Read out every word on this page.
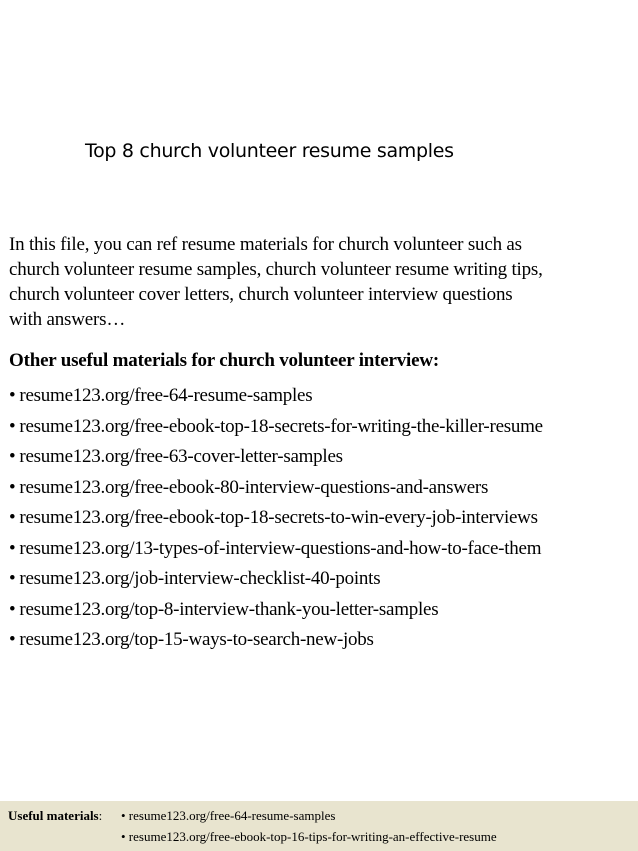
Top 8 church volunteer resume samples
In this file, you can ref resume materials for church volunteer such as
church volunteer resume samples, church volunteer resume writing tips,
church volunteer cover letters, church volunteer interview questions
with answers…
Other useful materials for church volunteer interview:
• resume123.org/free-64-resume-samples
• resume123.org/free-ebook-top-18-secrets-for-writing-the-killer-resume
• resume123.org/free-63-cover-letter-samples
• resume123.org/free-ebook-80-interview-questions-and-answers
• resume123.org/free-ebook-top-18-secrets-to-win-every-job-interviews
• resume123.org/13-types-of-interview-questions-and-how-to-face-them
• resume123.org/job-interview-checklist-40-points
• resume123.org/top-8-interview-thank-you-letter-samples
• resume123.org/top-15-ways-to-search-new-jobs
Useful materials: • resume123.org/free-64-resume-samples
• resume123.org/free-ebook-top-16-tips-for-writing-an-effective-resume
